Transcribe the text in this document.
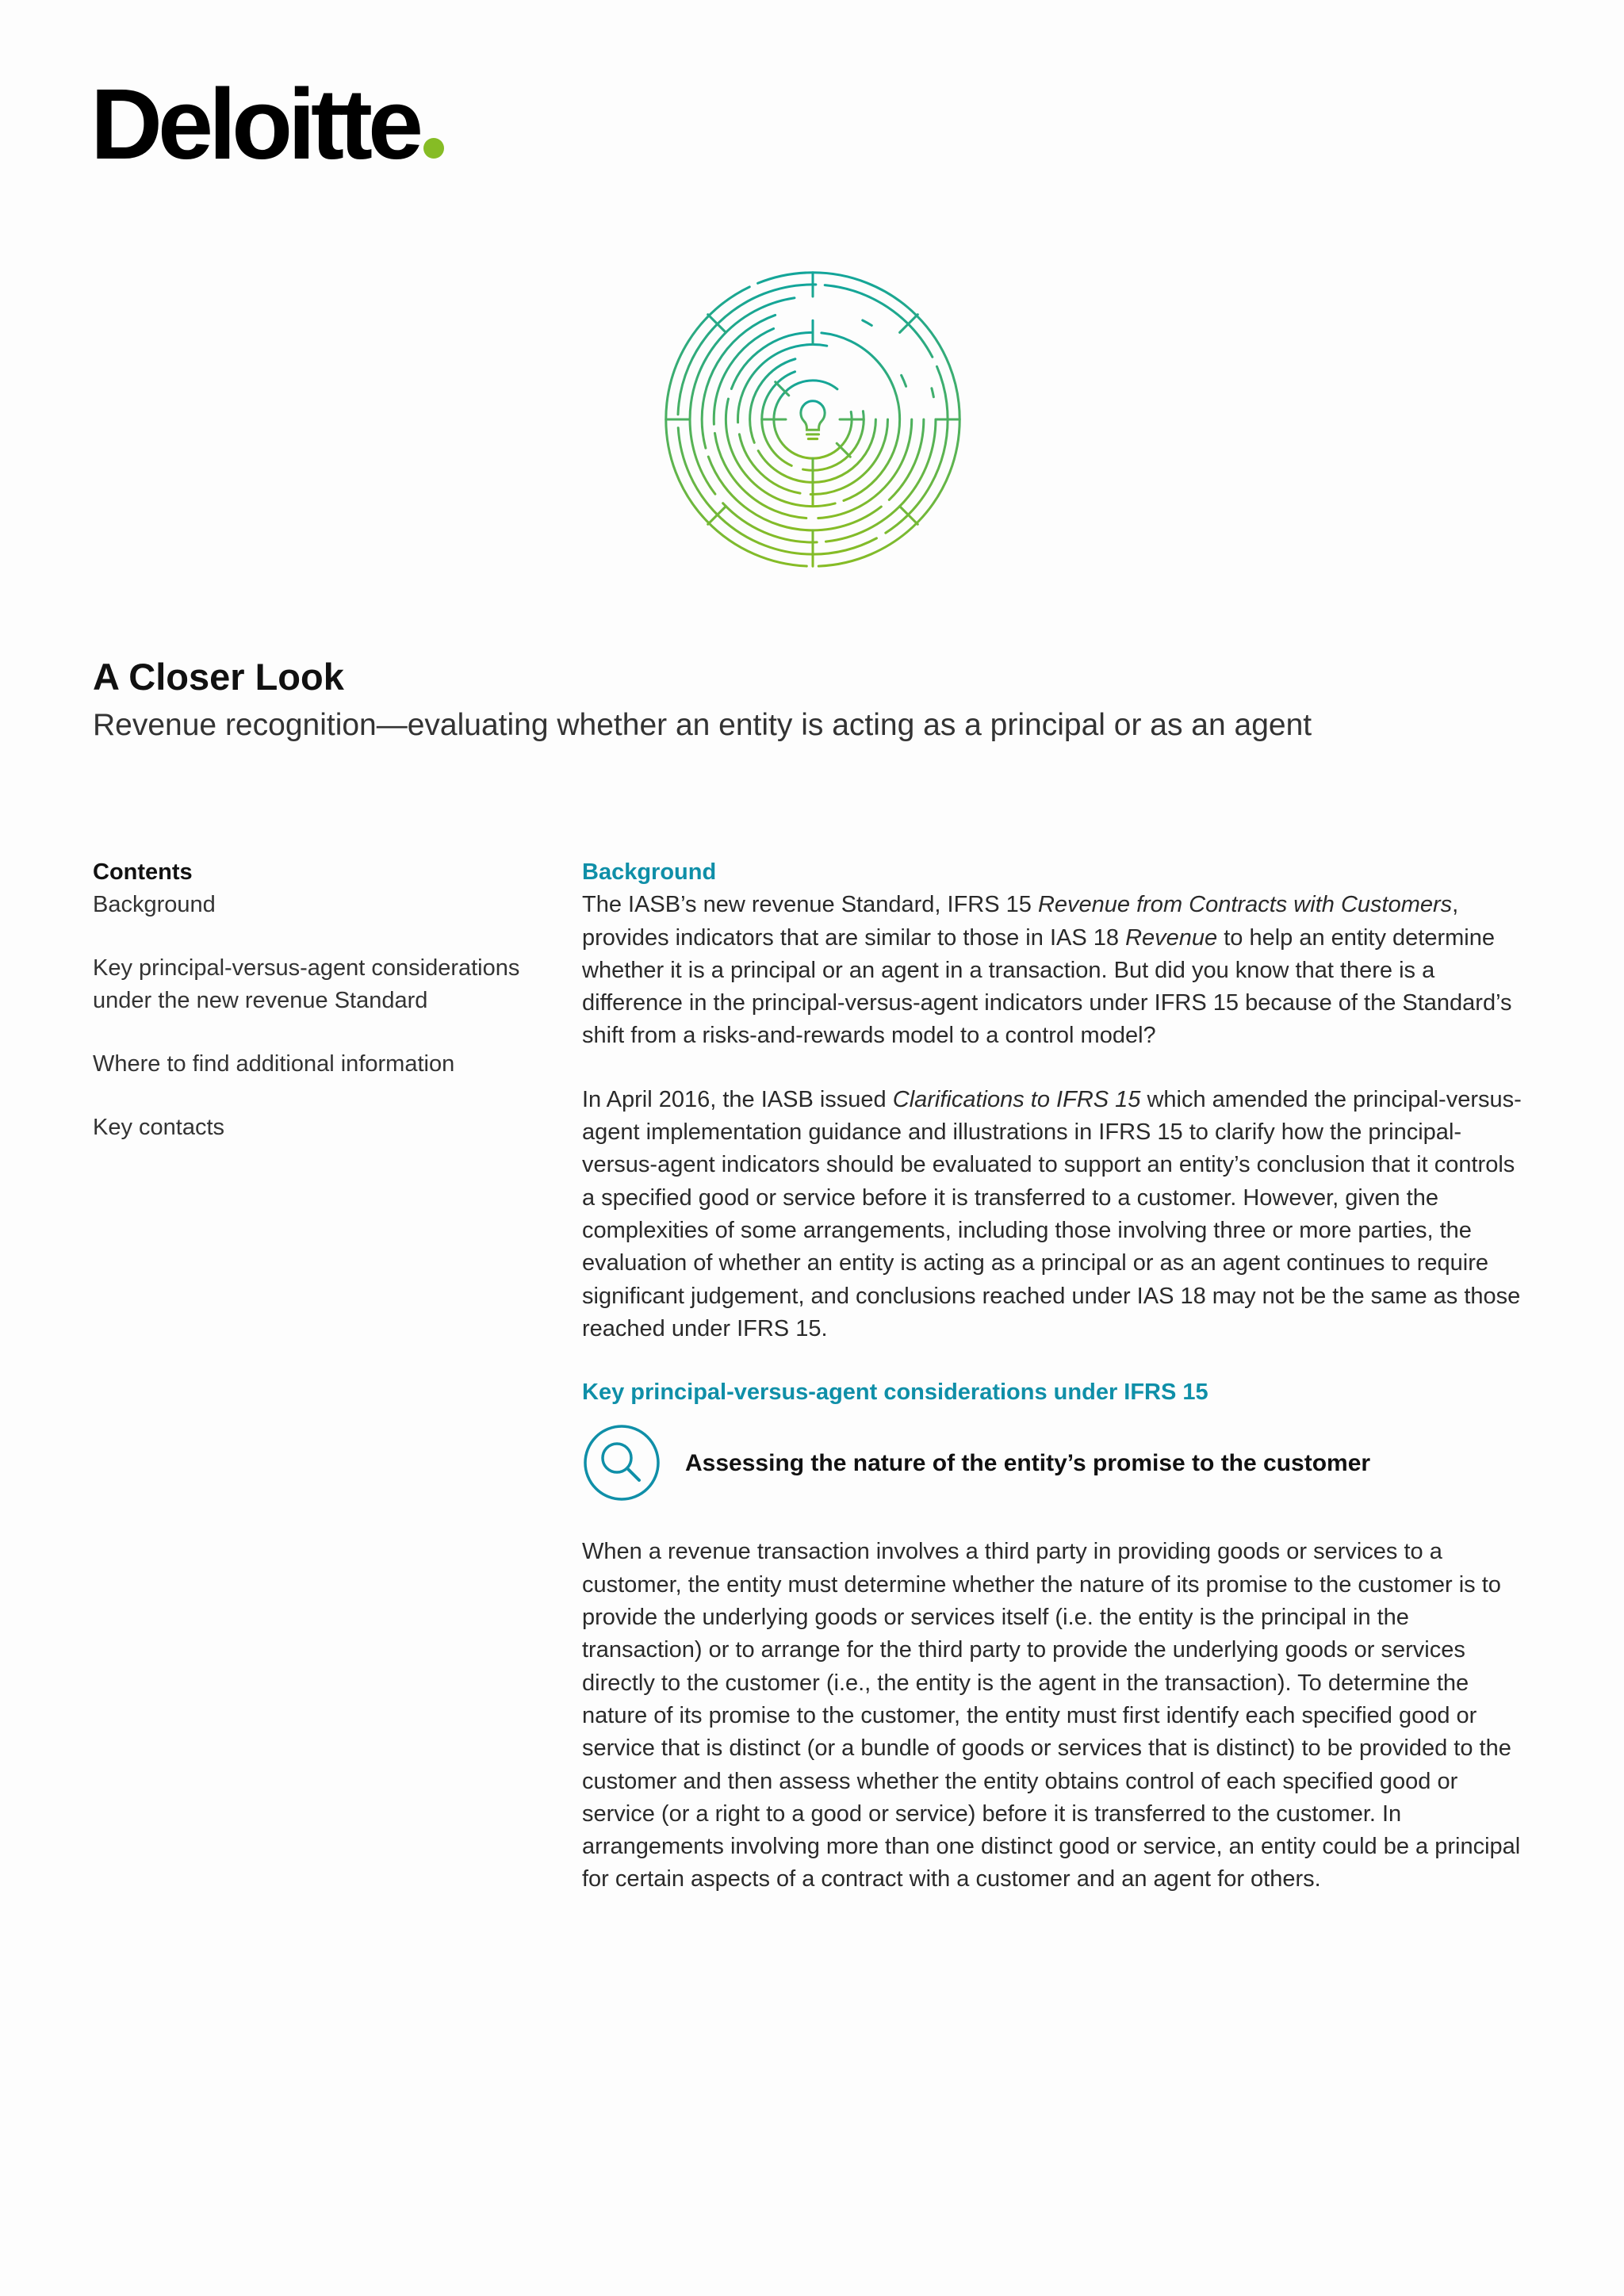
Deloitte
A Closer Look

Revenue recognition—evaluating whether an entity is acting as a principal or as an agent

Contents
Background
Key principal-versus-agent considerations under the new revenue Standard
Where to find additional information
Key contacts
Background

The IASB’s new revenue Standard, IFRS 15 Revenue from Contracts with Customers, provides indicators that are similar to those in IAS 18 Revenue to help an entity determine whether it is a principal or an agent in a transaction. But did you know that there is a difference in the principal-versus-agent indicators under IFRS 15 because of the Standard’s shift from a risks-and-rewards model to a control model?

In April 2016, the IASB issued Clarifications to IFRS 15 which amended the principal-versus-agent implementation guidance and illustrations in IFRS 15 to clarify how the principal-versus-agent indicators should be evaluated to support an entity’s conclusion that it controls a specified good or service before it is transferred to a customer. However, given the complexities of some arrangements, including those involving three or more parties, the evaluation of whether an entity is acting as a principal or as an agent continues to require significant judgement, and conclusions reached under IAS 18 may not be the same as those reached under IFRS 15.

Key principal-versus-agent considerations under IFRS 15
Assessing the nature of the entity’s promise to the customer

When a revenue transaction involves a third party in providing goods or services to a customer, the entity must determine whether the nature of its promise to the customer is to provide the underlying goods or services itself (i.e. the entity is the principal in the transaction) or to arrange for the third party to provide the underlying goods or services directly to the customer (i.e., the entity is the agent in the transaction). To determine the nature of its promise to the customer, the entity must first identify each specified good or service that is distinct (or a bundle of goods or services that is distinct) to be provided to the customer and then assess whether the entity obtains control of each specified good or service (or a right to a good or service) before it is transferred to the customer. In arrangements involving more than one distinct good or service, an entity could be a principal for certain aspects of a contract with a customer and an agent for others.
